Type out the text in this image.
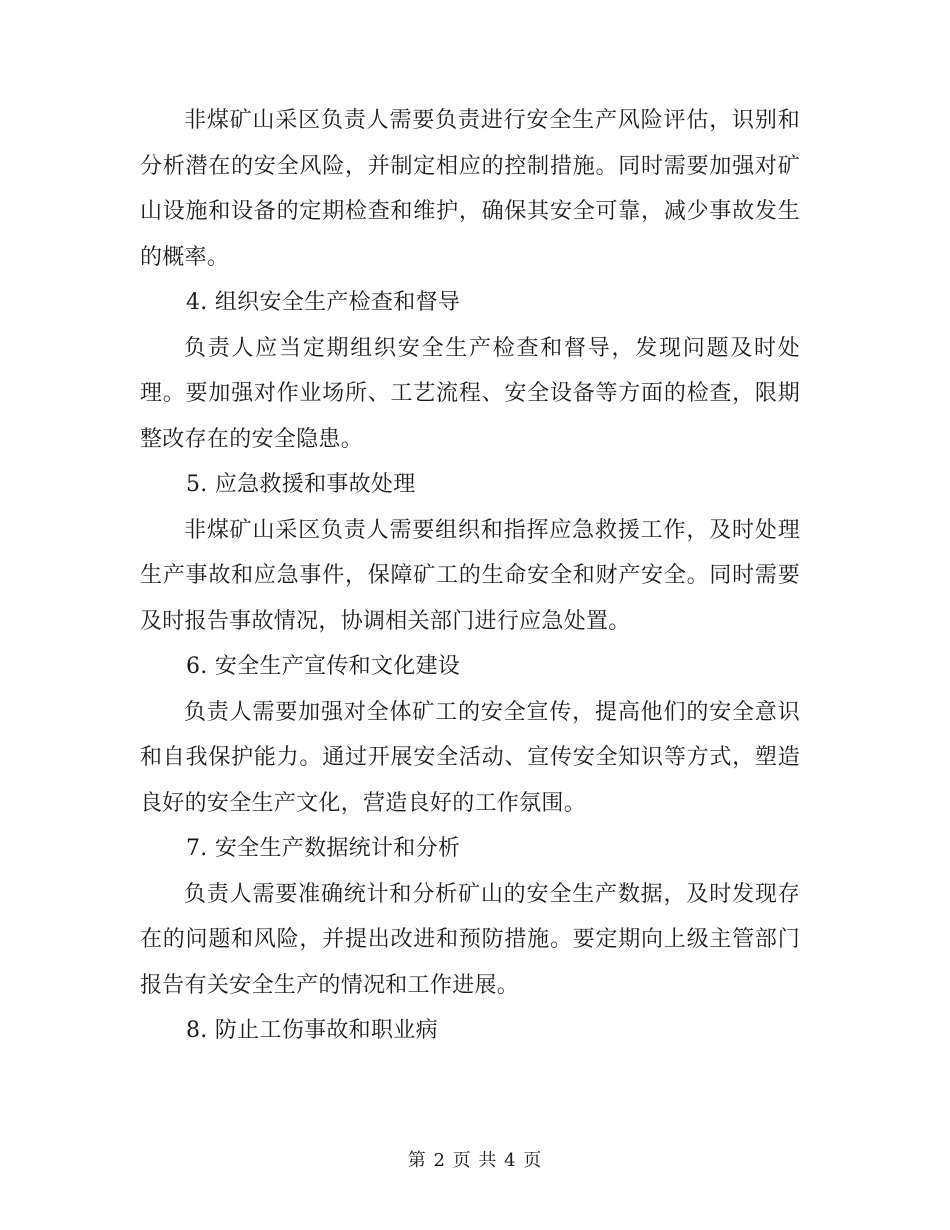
非煤矿山采区负责人需要负责进行安全生产风险评估，识别和分析潜在的安全风险，并制定相应的控制措施。同时需要加强对矿山设施和设备的定期检查和维护，确保其安全可靠，减少事故发生的概率。

4. 组织安全生产检查和督导

负责人应当定期组织安全生产检查和督导，发现问题及时处理。要加强对作业场所、工艺流程、安全设备等方面的检查，限期整改存在的安全隐患。

5. 应急救援和事故处理

非煤矿山采区负责人需要组织和指挥应急救援工作，及时处理生产事故和应急事件，保障矿工的生命安全和财产安全。同时需要及时报告事故情况，协调相关部门进行应急处置。

6. 安全生产宣传和文化建设

负责人需要加强对全体矿工的安全宣传，提高他们的安全意识和自我保护能力。通过开展安全活动、宣传安全知识等方式，塑造良好的安全生产文化，营造良好的工作氛围。

7. 安全生产数据统计和分析

负责人需要准确统计和分析矿山的安全生产数据，及时发现存在的问题和风险，并提出改进和预防措施。要定期向上级主管部门报告有关安全生产的情况和工作进展。

8. 防止工伤事故和职业病

第 2 页 共 4 页
